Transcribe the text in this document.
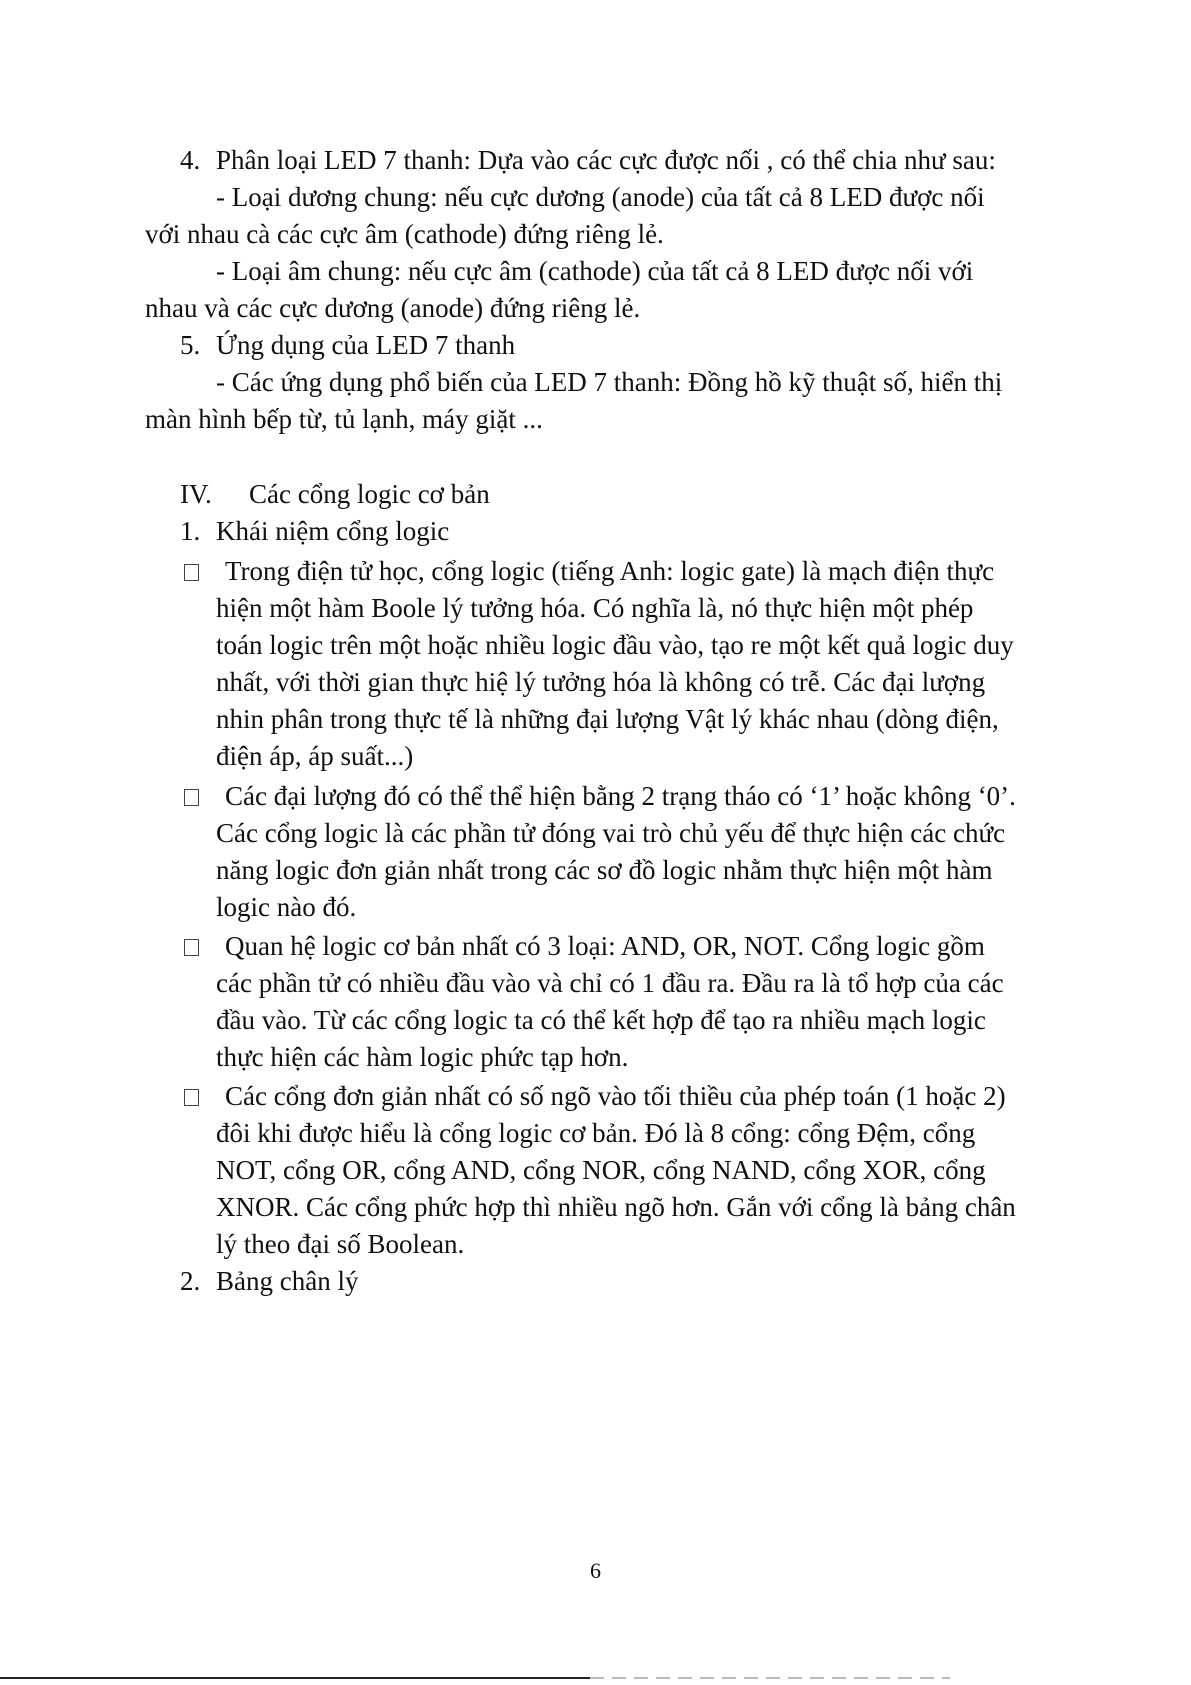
4. Phân loại LED 7 thanh: Dựa vào các cực được nối , có thể chia như sau:
- Loại dương chung: nếu cực dương (anode) của tất cả 8 LED được nối
với nhau cà các cực âm (cathode) đứng riêng lẻ.
- Loại âm chung: nếu cực âm (cathode) của tất cả 8 LED được nối với
nhau và các cực dương (anode) đứng riêng lẻ.
5. Ứng dụng của LED 7 thanh
- Các ứng dụng phổ biến của LED 7 thanh: Đồng hồ kỹ thuật số, hiển thị
màn hình bếp từ, tủ lạnh, máy giặt ...
IV. Các cổng logic cơ bản
1. Khái niệm cổng logic
Trong điện tử học, cổng logic (tiếng Anh: logic gate) là mạch điện thực
hiện một hàm Boole lý tưởng hóa. Có nghĩa là, nó thực hiện một phép
toán logic trên một hoặc nhiều logic đầu vào, tạo re một kết quả logic duy
nhất, với thời gian thực hiệ lý tưởng hóa là không có trễ. Các đại lượng
nhin phân trong thực tế là những đại lượng Vật lý khác nhau (dòng điện,
điện áp, áp suất...)
Các đại lượng đó có thể thể hiện bằng 2 trạng tháo có ‘1’ hoặc không ‘0’.
Các cổng logic là các phần tử đóng vai trò chủ yếu để thực hiện các chức
năng logic đơn giản nhất trong các sơ đồ logic nhằm thực hiện một hàm
logic nào đó.
Quan hệ logic cơ bản nhất có 3 loại: AND, OR, NOT. Cổng logic gồm
các phần tử có nhiều đầu vào và chỉ có 1 đầu ra. Đầu ra là tổ hợp của các
đầu vào. Từ các cổng logic ta có thể kết hợp để tạo ra nhiều mạch logic
thực hiện các hàm logic phức tạp hơn.
Các cổng đơn giản nhất có số ngõ vào tối thiều của phép toán (1 hoặc 2)
đôi khi được hiểu là cổng logic cơ bản. Đó là 8 cổng: cổng Đệm, cổng
NOT, cổng OR, cổng AND, cổng NOR, cổng NAND, cổng XOR, cổng
XNOR. Các cổng phức hợp thì nhiều ngõ hơn. Gắn với cổng là bảng chân
lý theo đại số Boolean.
2. Bảng chân lý
6
